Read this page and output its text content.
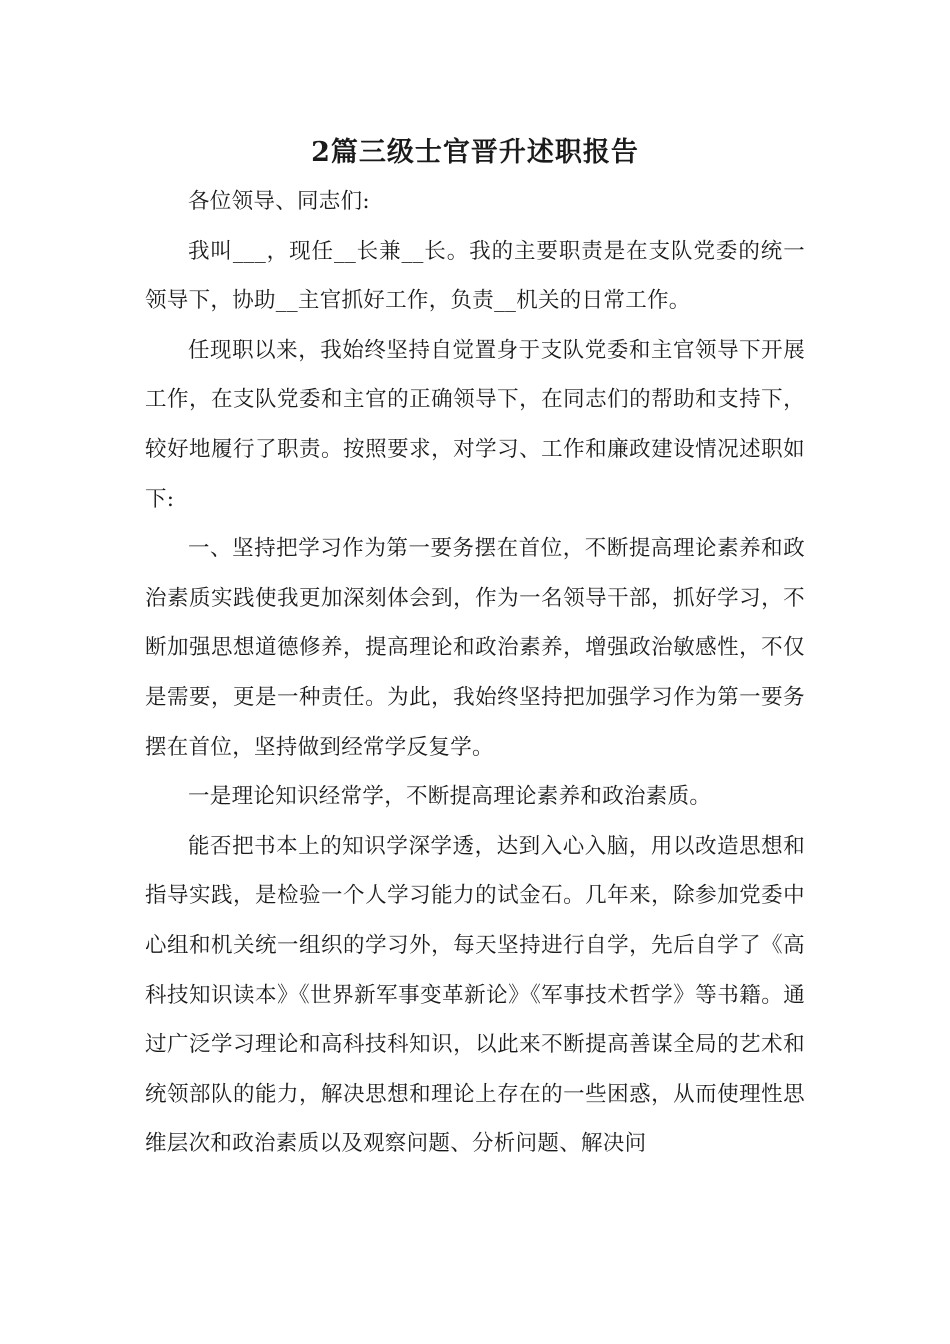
2篇三级士官晋升述职报告

各位领导、同志们:

我叫___，现任__长兼__长。我的主要职责是在支队党委的统一领导下，协助__主官抓好工作，负责__机关的日常工作。

任现职以来，我始终坚持自觉置身于支队党委和主官领导下开展工作，在支队党委和主官的正确领导下，在同志们的帮助和支持下，较好地履行了职责。按照要求，对学习、工作和廉政建设情况述职如下:

一、坚持把学习作为第一要务摆在首位，不断提高理论素养和政治素质实践使我更加深刻体会到，作为一名领导干部，抓好学习，不断加强思想道德修养，提高理论和政治素养，增强政治敏感性，不仅是需要，更是一种责任。为此，我始终坚持把加强学习作为第一要务摆在首位，坚持做到经常学反复学。

一是理论知识经常学，不断提高理论素养和政治素质。

能否把书本上的知识学深学透，达到入心入脑，用以改造思想和指导实践，是检验一个人学习能力的试金石。几年来，除参加党委中心组和机关统一组织的学习外，每天坚持进行自学，先后自学了《高科技知识读本》《世界新军事变革新论》《军事技术哲学》等书籍。通过广泛学习理论和高科技科知识，以此来不断提高善谋全局的艺术和统领部队的能力，解决思想和理论上存在的一些困惑，从而使理性思维层次和政治素质以及观察问题、分析问题、解决问
